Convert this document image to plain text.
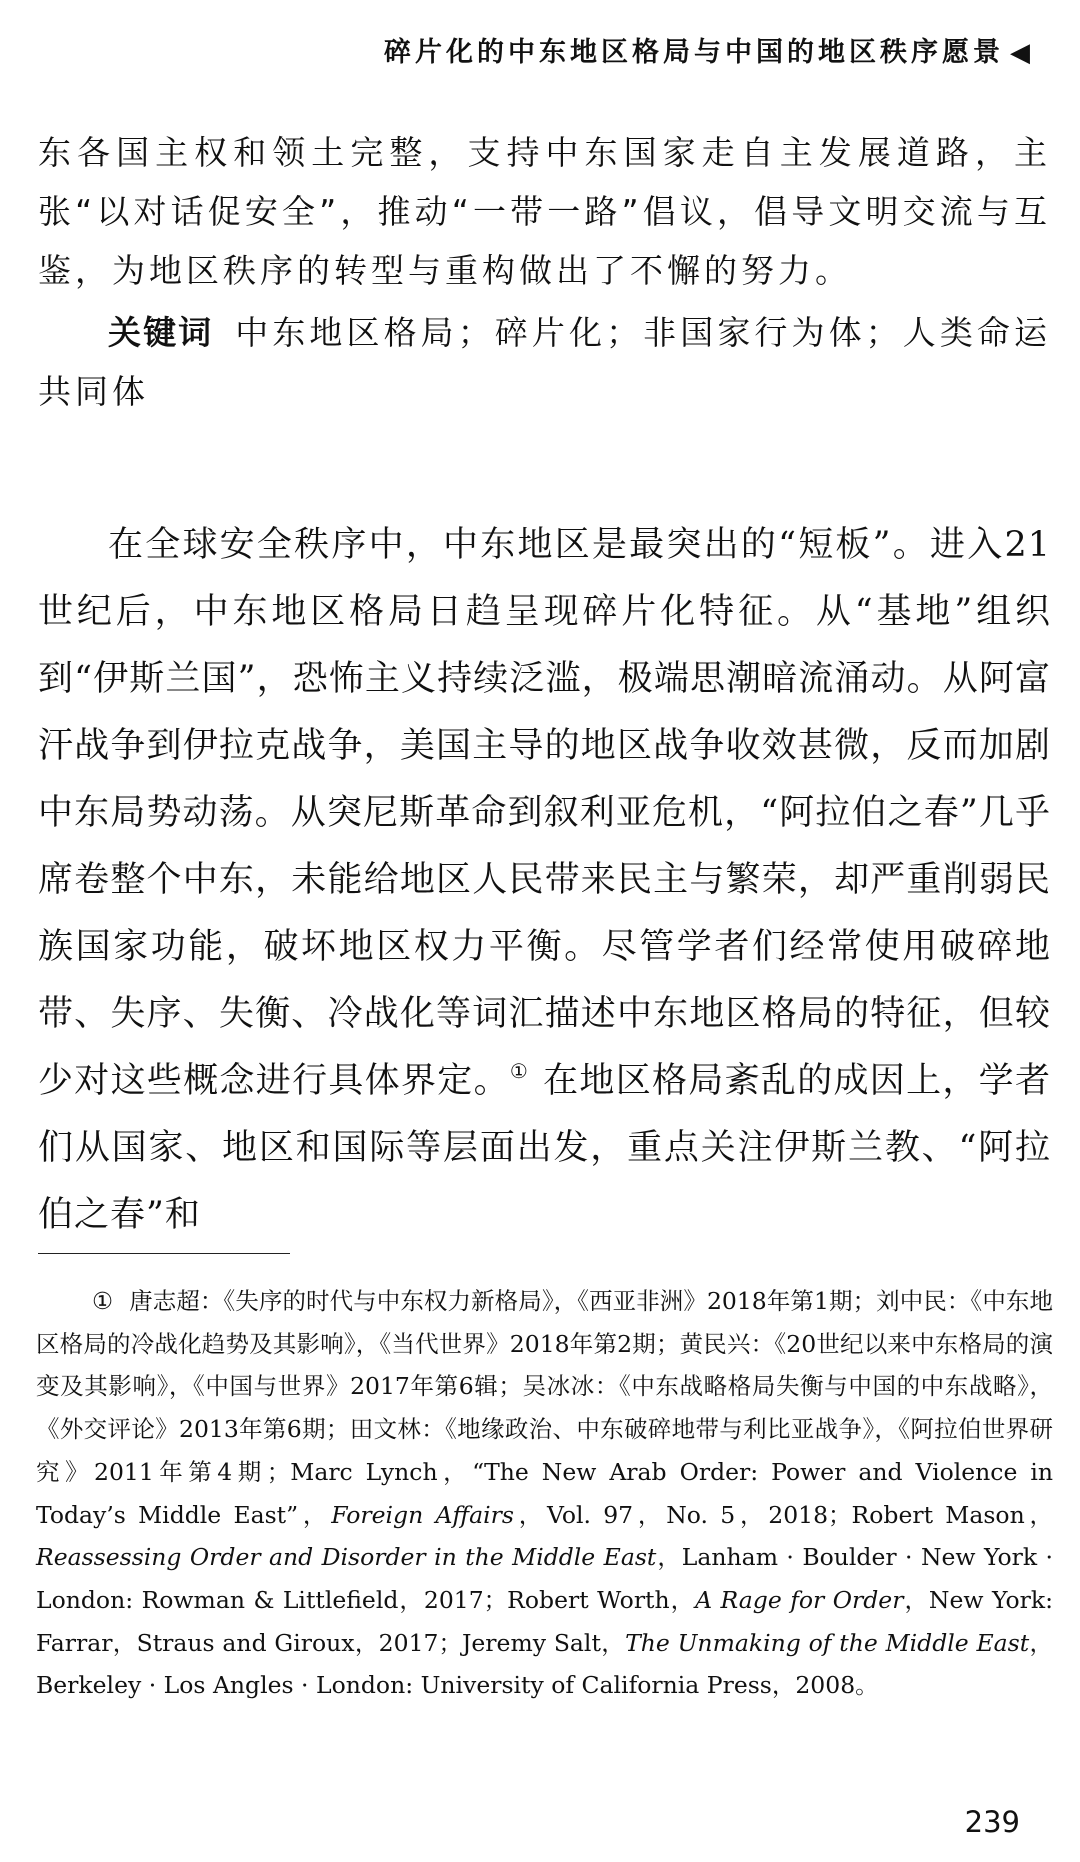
碎片化的中东地区格局与中国的地区秩序愿景 ◀

东各国主权和领土完整，支持中东国家走自主发展道路，主张“以对话促安全”，推动“一带一路”倡议，倡导文明交流与互鉴，为地区秩序的转型与重构做出了不懈的努力。

关键词 中东地区格局；碎片化；非国家行为体；人类命运共同体

在全球安全秩序中，中东地区是最突出的“短板”。进入21世纪后，中东地区格局日趋呈现碎片化特征。从“基地”组织到“伊斯兰国”，恐怖主义持续泛滥，极端思潮暗流涌动。从阿富汗战争到伊拉克战争，美国主导的地区战争收效甚微，反而加剧中东局势动荡。从突尼斯革命到叙利亚危机，“阿拉伯之春”几乎席卷整个中东，未能给地区人民带来民主与繁荣，却严重削弱民族国家功能，破坏地区权力平衡。尽管学者们经常使用破碎地带、失序、失衡、冷战化等词汇描述中东地区格局的特征，但较少对这些概念进行具体界定。① 在地区格局紊乱的成因上，学者们从国家、地区和国际等层面出发，重点关注伊斯兰教、“阿拉伯之春”和

① 唐志超：《失序的时代与中东权力新格局》，《西亚非洲》2018年第1期；刘中民：《中东地区格局的冷战化趋势及其影响》，《当代世界》2018年第2期；黄民兴：《20世纪以来中东格局的演变及其影响》，《中国与世界》2017年第6辑；吴冰冰：《中东战略格局失衡与中国的中东战略》，《外交评论》2013年第6期；田文林：《地缘政治、中东破碎地带与利比亚战争》，《阿拉伯世界研究》2011年第4期；Marc Lynch，“The New Arab Order: Power and Violence in Today’s Middle East”，Foreign Affairs，Vol. 97，No. 5，2018；Robert Mason，Reassessing Order and Disorder in the Middle East，Lanham · Boulder · New York · London: Rowman & Littlefield，2017；Robert Worth，A Rage for Order，New York: Farrar，Straus and Giroux，2017；Jeremy Salt，The Unmaking of the Middle East，Berkeley · Los Angles · London: University of California Press，2008。

239
